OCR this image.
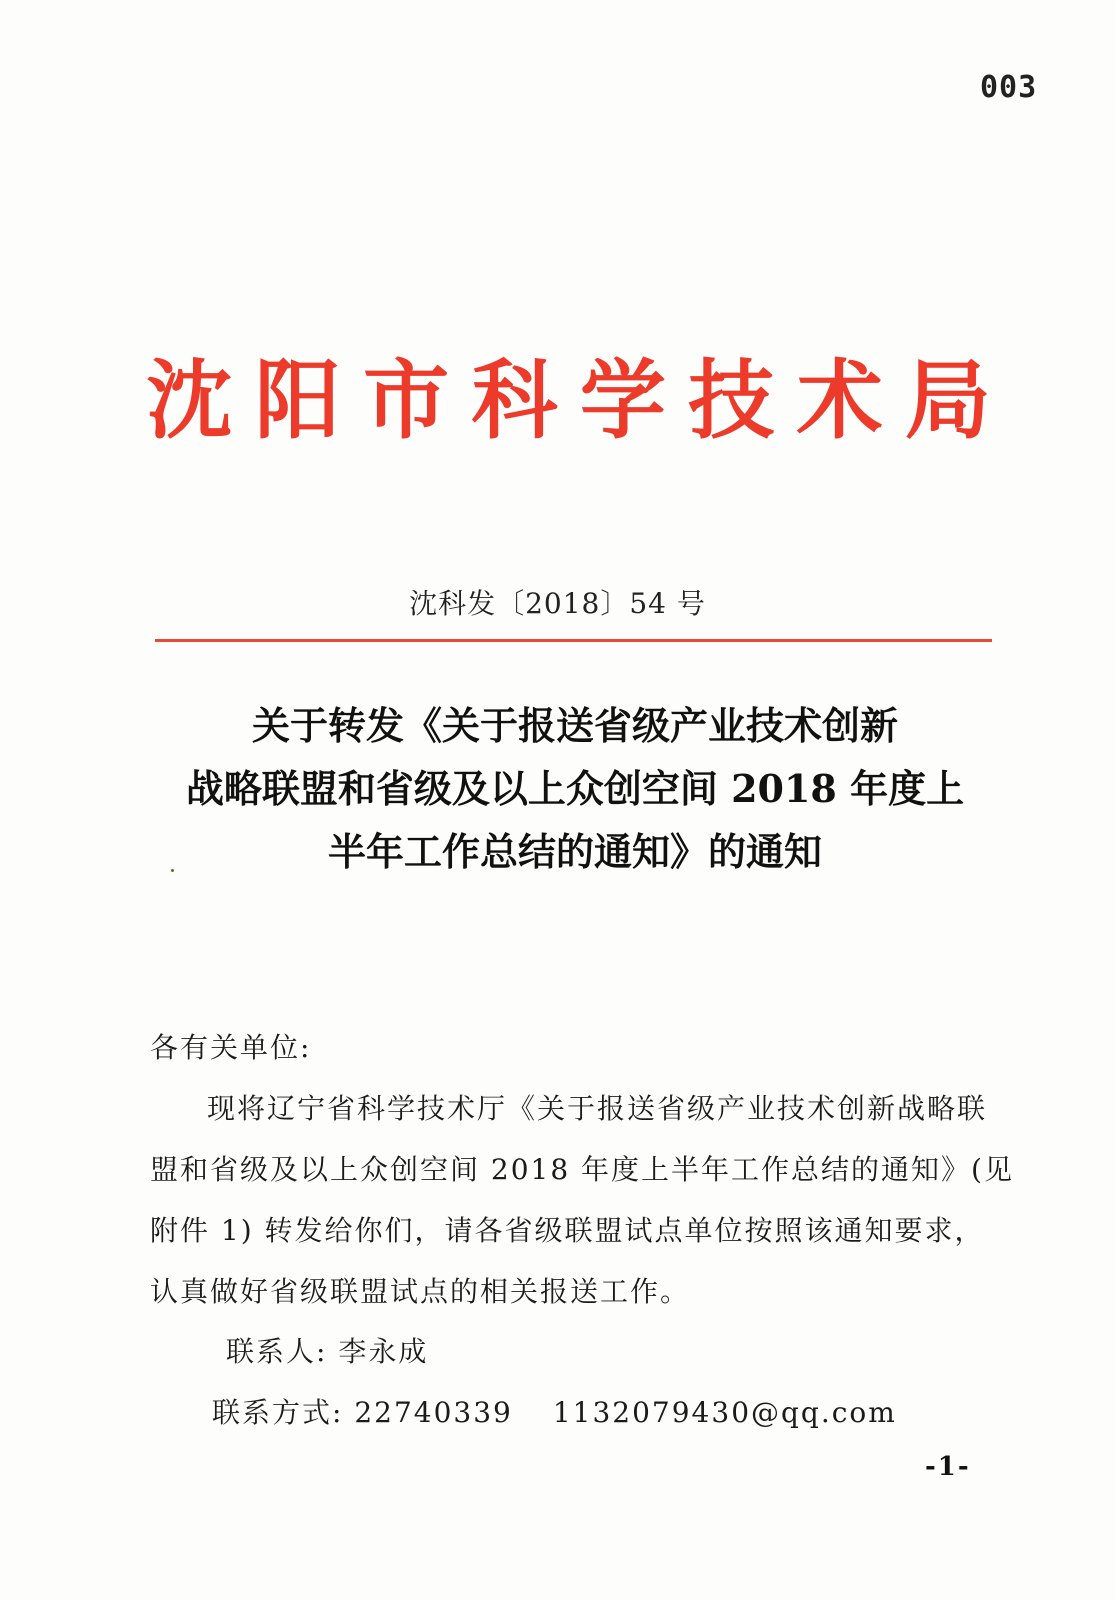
003
沈阳市科学技术局
沈科发〔2018〕54 号
关于转发《关于报送省级产业技术创新
战略联盟和省级及以上众创空间 2018 年度上
半年工作总结的通知》的通知
各有关单位:
现将辽宁省科学技术厅《关于报送省级产业技术创新战略联
盟和省级及以上众创空间 2018 年度上半年工作总结的通知》(见
附件 1) 转发给你们，请各省级联盟试点单位按照该通知要求，
认真做好省级联盟试点的相关报送工作。
联系人: 李永成
联系方式: 22740339 1132079430@qq.com
-1-
